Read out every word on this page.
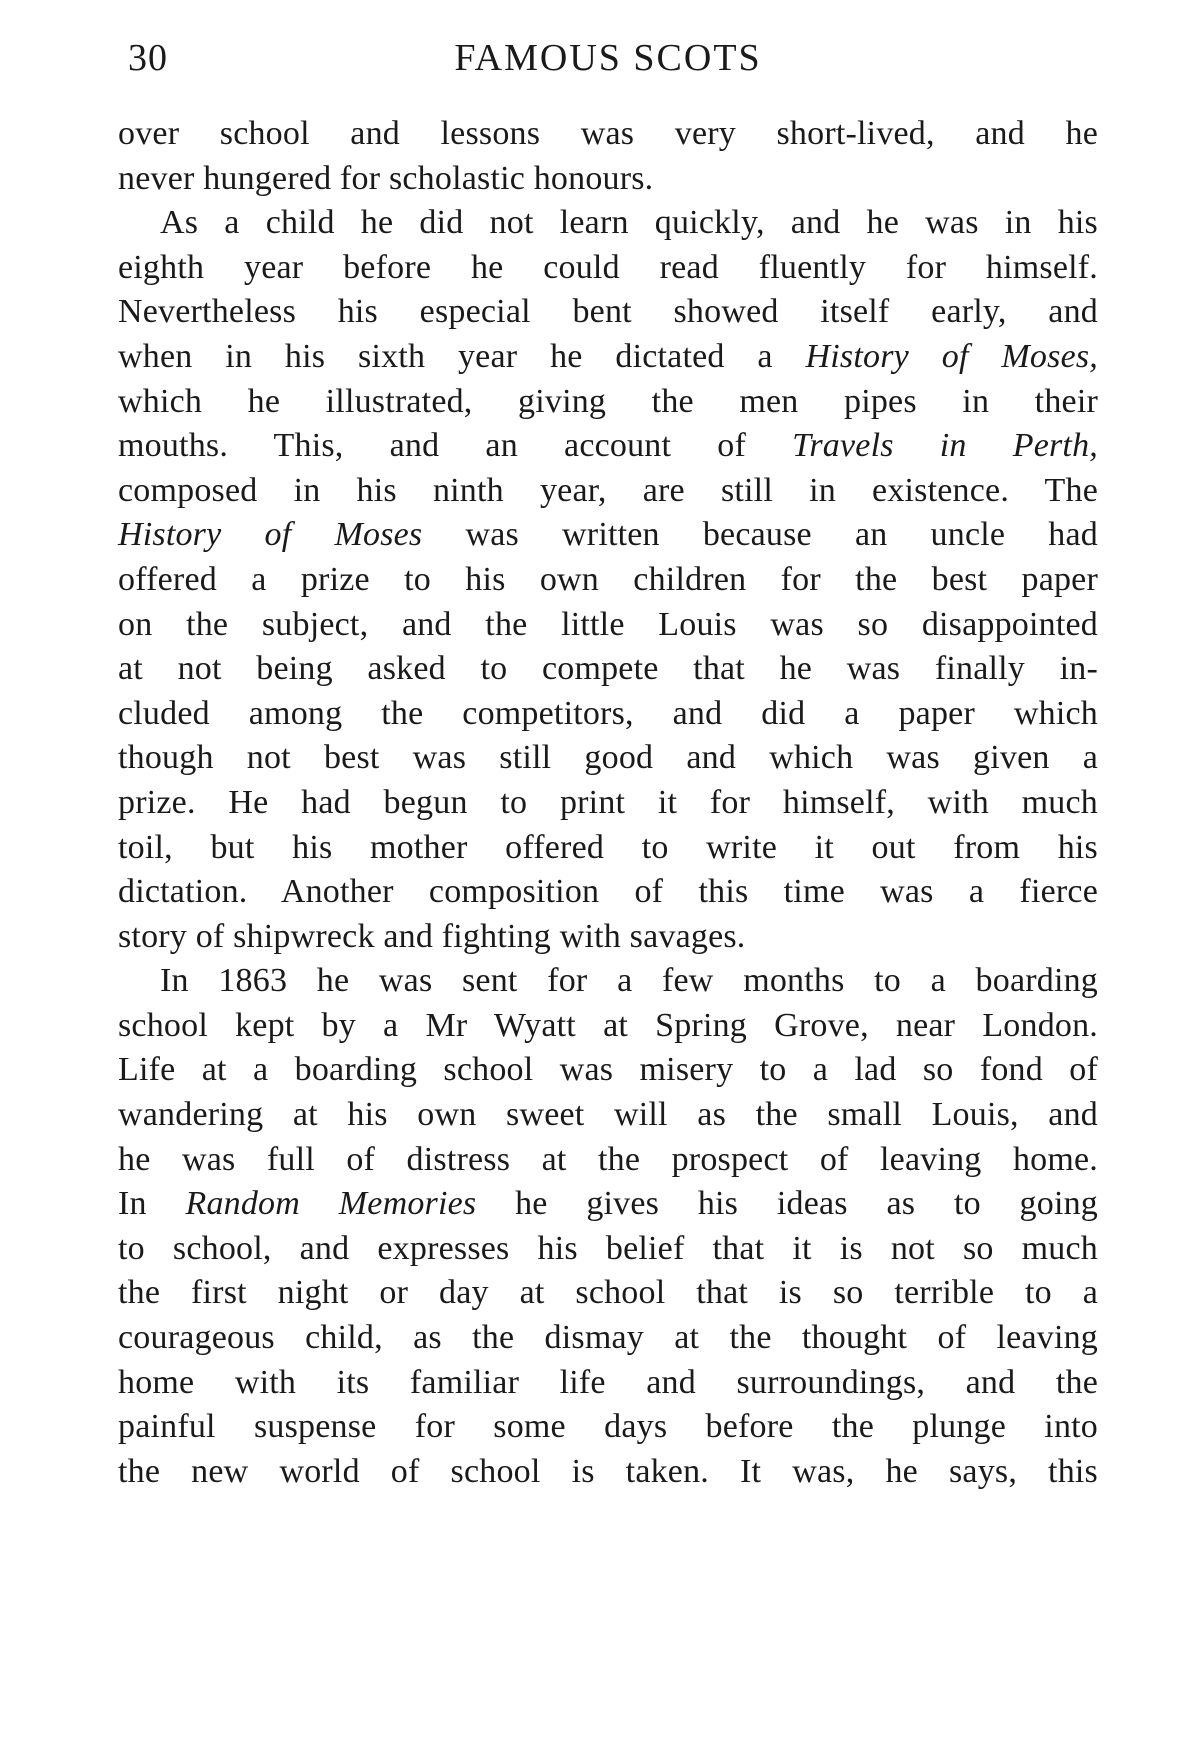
30	FAMOUS SCOTS
over school and lessons was very short-lived, and he
never hungered for scholastic honours.
As a child he did not learn quickly, and he was in his
eighth year before he could read fluently for himself.
Nevertheless his especial bent showed itself early, and
when in his sixth year he dictated a History of Moses,
which he illustrated, giving the men pipes in their
mouths. This, and an account of Travels in Perth,
composed in his ninth year, are still in existence. The
History of Moses was written because an uncle had
offered a prize to his own children for the best paper
on the subject, and the little Louis was so disappointed
at not being asked to compete that he was finally in-
cluded among the competitors, and did a paper which
though not best was still good and which was given a
prize. He had begun to print it for himself, with much
toil, but his mother offered to write it out from his
dictation. Another composition of this time was a fierce
story of shipwreck and fighting with savages.
In 1863 he was sent for a few months to a boarding
school kept by a Mr Wyatt at Spring Grove, near London.
Life at a boarding school was misery to a lad so fond of
wandering at his own sweet will as the small Louis, and
he was full of distress at the prospect of leaving home.
In Random Memories he gives his ideas as to going
to school, and expresses his belief that it is not so much
the first night or day at school that is so terrible to a
courageous child, as the dismay at the thought of leaving
home with its familiar life and surroundings, and the
painful suspense for some days before the plunge into
the new world of school is taken. It was, he says, this
